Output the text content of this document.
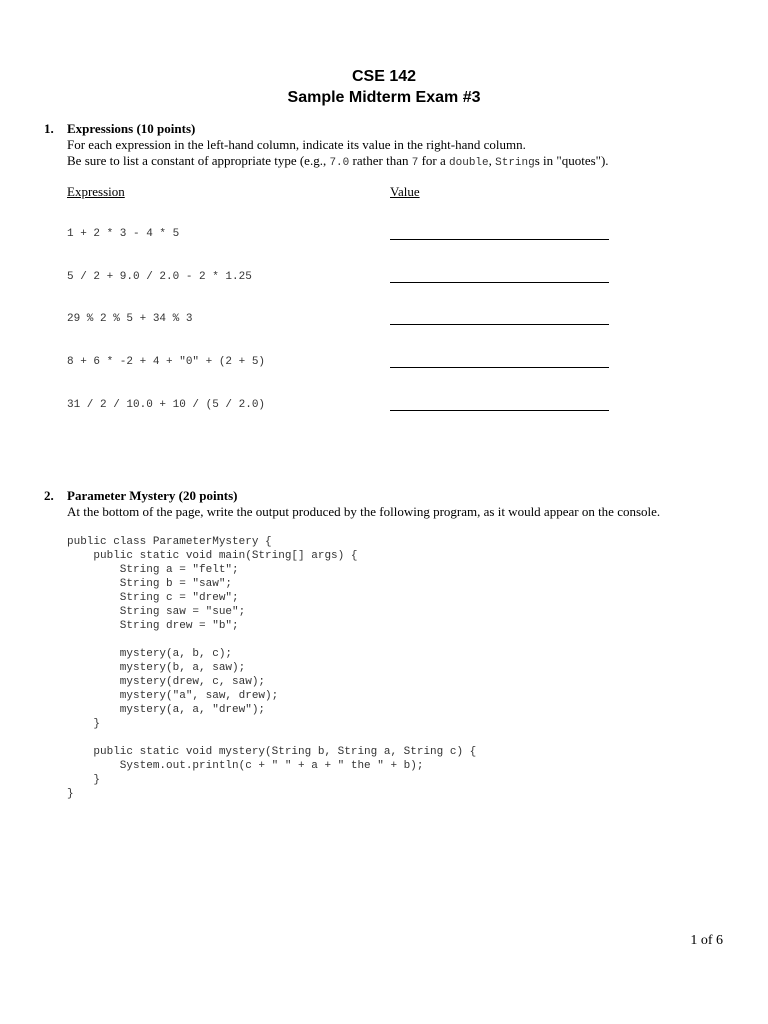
CSE 142
Sample Midterm Exam #3
1. Expressions (10 points)
For each expression in the left-hand column, indicate its value in the right-hand column.
Be sure to list a constant of appropriate type (e.g., 7.0 rather than 7 for a double, Strings in "quotes").
Expression	Value
1 + 2 * 3 - 4 * 5
5 / 2 + 9.0 / 2.0 - 2 * 1.25
29 % 2 % 5 + 34 % 3
8 + 6 * -2 + 4 + "0" + (2 + 5)
31 / 2 / 10.0 + 10 / (5 / 2.0)
2. Parameter Mystery (20 points)
At the bottom of the page, write the output produced by the following program, as it would appear on the console.
public class ParameterMystery {
public static void main(String[] args) {
String a = "felt";
String b = "saw";
String c = "drew";
String saw = "sue";
String drew = "b";
mystery(a, b, c);
mystery(b, a, saw);
mystery(drew, c, saw);
mystery("a", saw, drew);
mystery(a, a, "drew");
}
public static void mystery(String b, String a, String c) {
System.out.println(c + " " + a + " the " + b);
}
}
1 of 6
